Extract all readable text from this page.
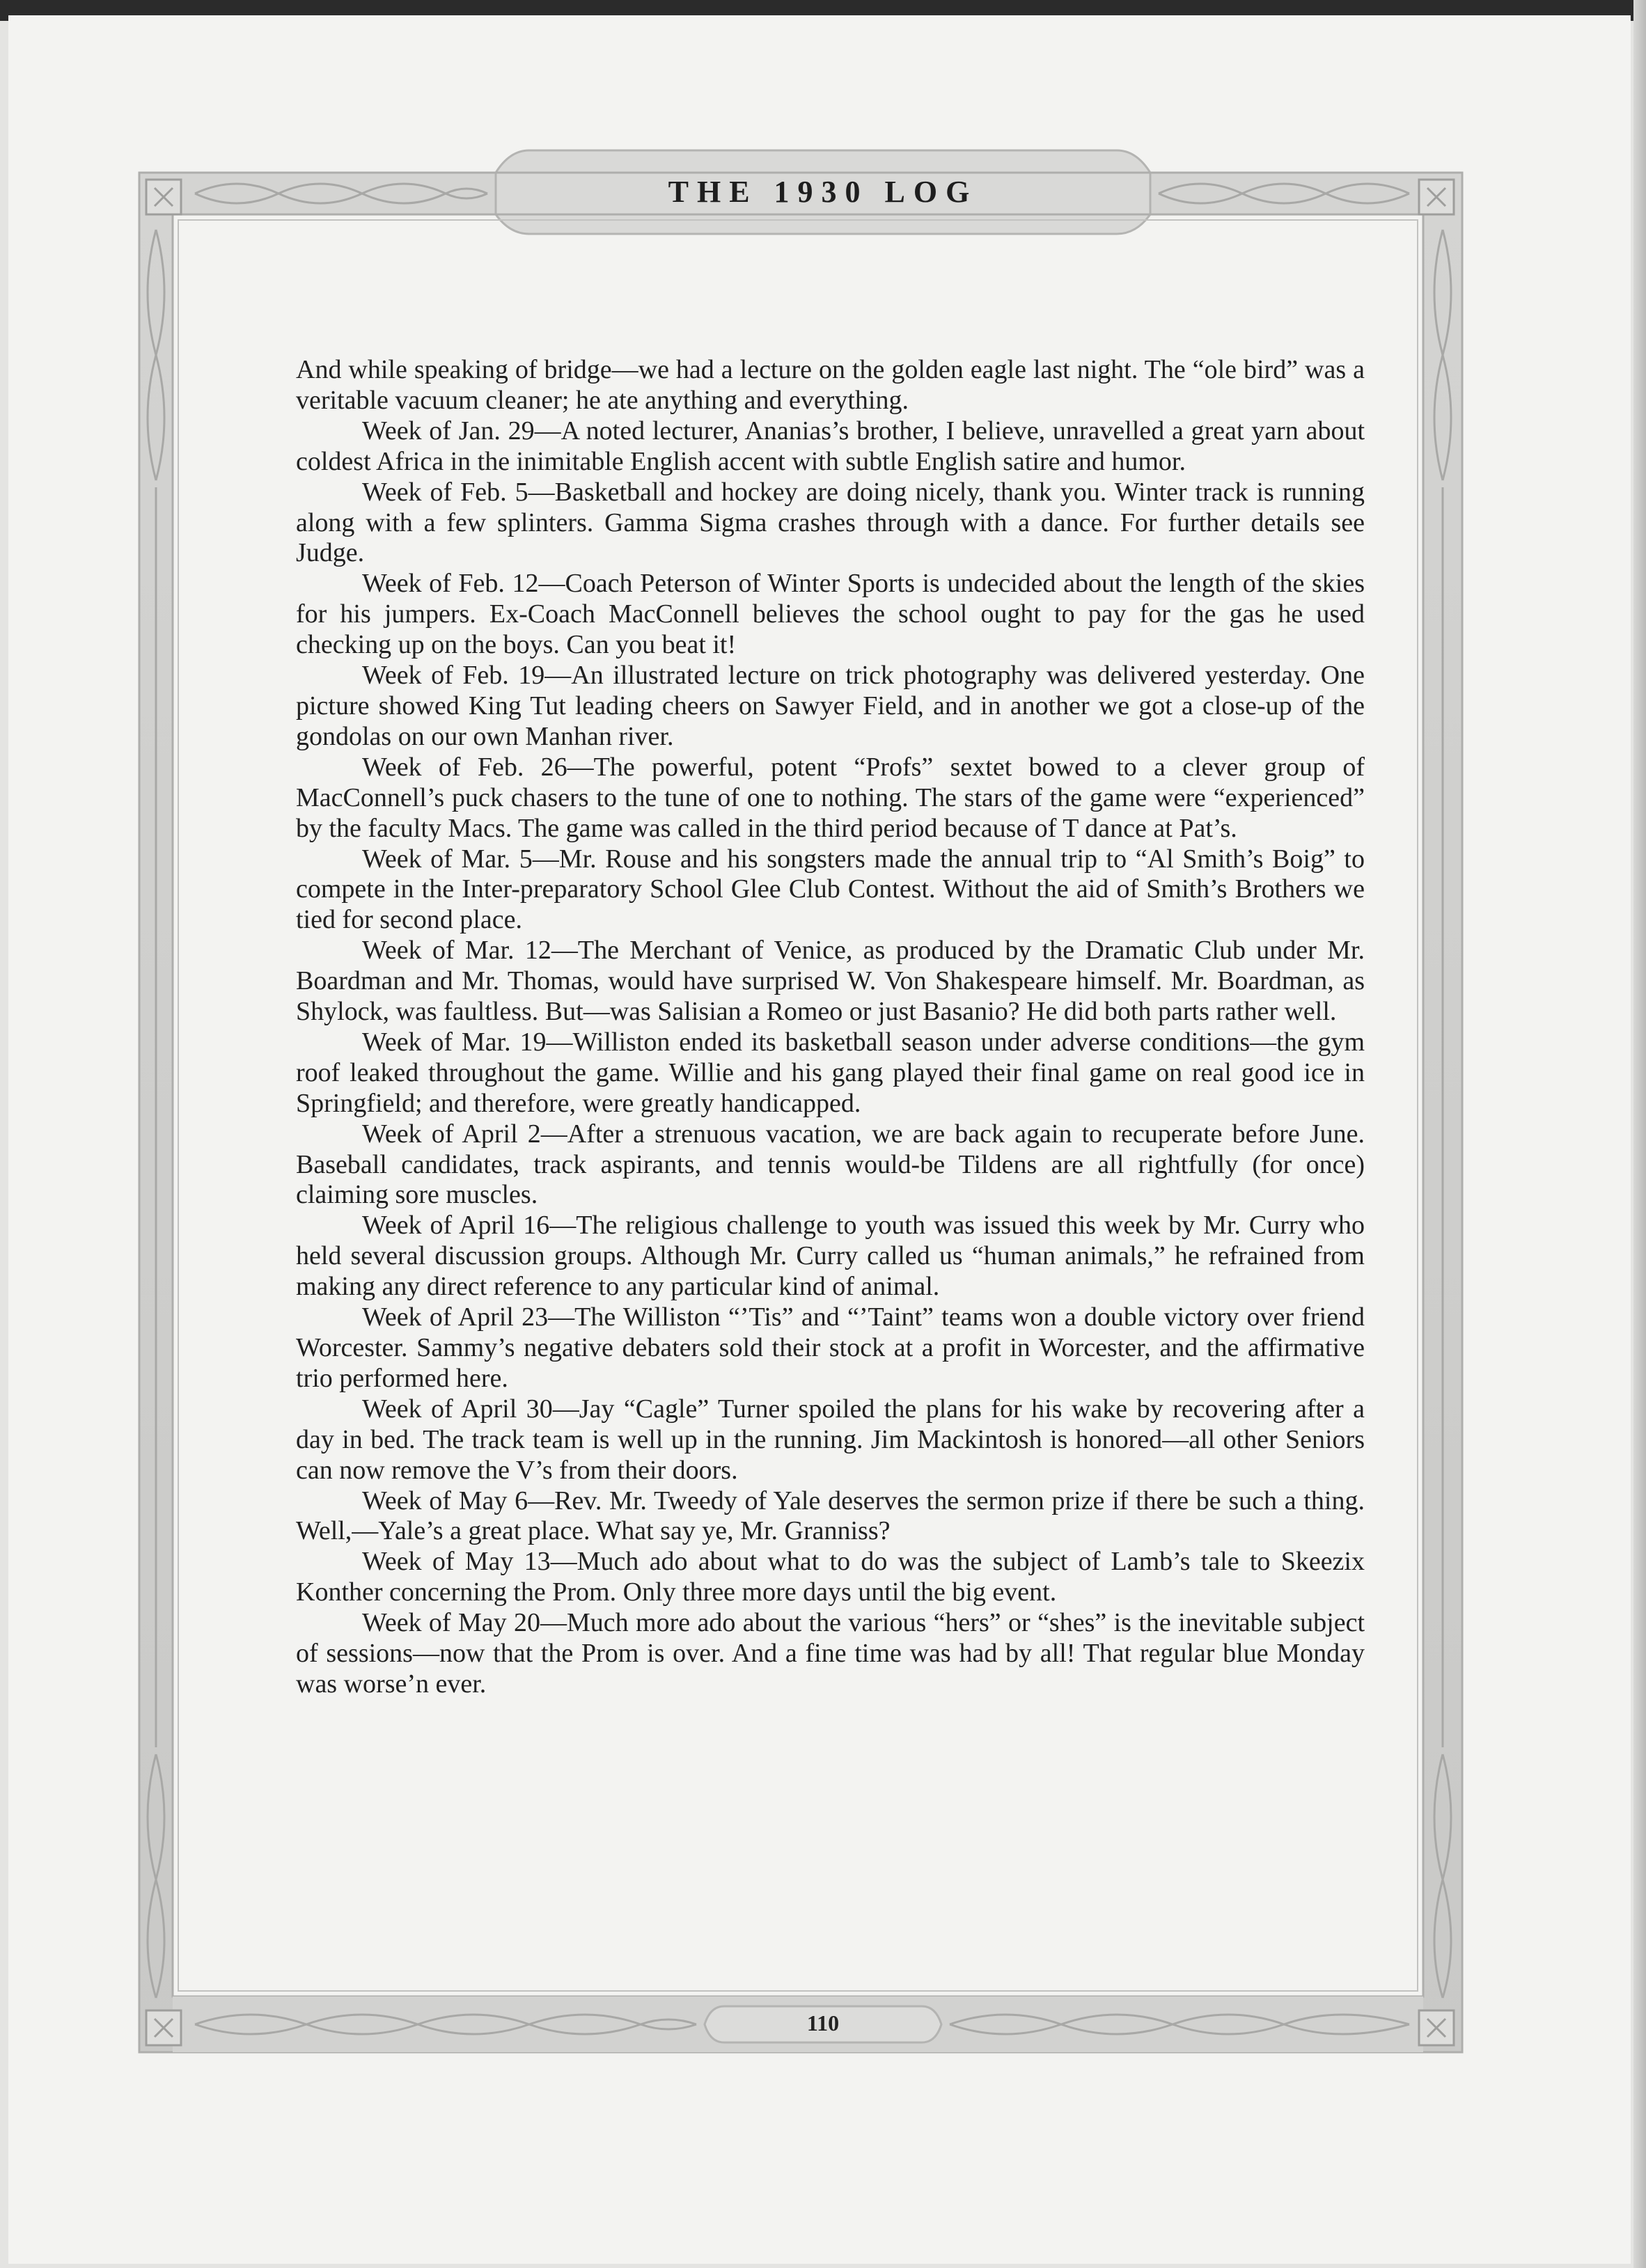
THE 1930 LOG

And while speaking of bridge—we had a lecture on the golden eagle last night. The “ole bird” was a veritable vacuum cleaner; he ate anything and everything.

Week of Jan. 29—A noted lecturer, Ananias’s brother, I believe, unravelled a great yarn about coldest Africa in the inimitable English accent with subtle English satire and humor.

Week of Feb. 5—Basketball and hockey are doing nicely, thank you. Winter track is running along with a few splinters. Gamma Sigma crashes through with a dance. For further details see Judge.

Week of Feb. 12—Coach Peterson of Winter Sports is undecided about the length of the skies for his jumpers. Ex-Coach MacConnell believes the school ought to pay for the gas he used checking up on the boys. Can you beat it!

Week of Feb. 19—An illustrated lecture on trick photography was delivered yesterday. One picture showed King Tut leading cheers on Sawyer Field, and in another we got a close-up of the gondolas on our own Manhan river.

Week of Feb. 26—The powerful, potent “Profs” sextet bowed to a clever group of MacConnell’s puck chasers to the tune of one to nothing. The stars of the game were “experienced” by the faculty Macs. The game was called in the third period because of T dance at Pat’s.

Week of Mar. 5—Mr. Rouse and his songsters made the annual trip to “Al Smith’s Boig” to compete in the Inter-preparatory School Glee Club Contest. Without the aid of Smith’s Brothers we tied for second place.

Week of Mar. 12—The Merchant of Venice, as produced by the Dramatic Club under Mr. Boardman and Mr. Thomas, would have surprised W. Von Shakespeare himself. Mr. Boardman, as Shylock, was faultless. But—was Salisian a Romeo or just Basanio? He did both parts rather well.

Week of Mar. 19—Williston ended its basketball season under adverse conditions—the gym roof leaked throughout the game. Willie and his gang played their final game on real good ice in Springfield; and therefore, were greatly handicapped.

Week of April 2—After a strenuous vacation, we are back again to recuperate before June. Baseball candidates, track aspirants, and tennis would-be Tildens are all rightfully (for once) claiming sore muscles.

Week of April 16—The religious challenge to youth was issued this week by Mr. Curry who held several discussion groups. Although Mr. Curry called us “human animals,” he refrained from making any direct reference to any particular kind of animal.

Week of April 23—The Williston “’Tis” and “’Taint” teams won a double victory over friend Worcester. Sammy’s negative debaters sold their stock at a profit in Worcester, and the affirmative trio performed here.

Week of April 30—Jay “Cagle” Turner spoiled the plans for his wake by recovering after a day in bed. The track team is well up in the running. Jim Mackintosh is honored—all other Seniors can now remove the V’s from their doors.

Week of May 6—Rev. Mr. Tweedy of Yale deserves the sermon prize if there be such a thing. Well,—Yale’s a great place. What say ye, Mr. Granniss?

Week of May 13—Much ado about what to do was the subject of Lamb’s tale to Skeezix Konther concerning the Prom. Only three more days until the big event.

Week of May 20—Much more ado about the various “hers” or “shes” is the inevitable subject of sessions—now that the Prom is over. And a fine time was had by all! That regular blue Monday was worse’n ever.

110
